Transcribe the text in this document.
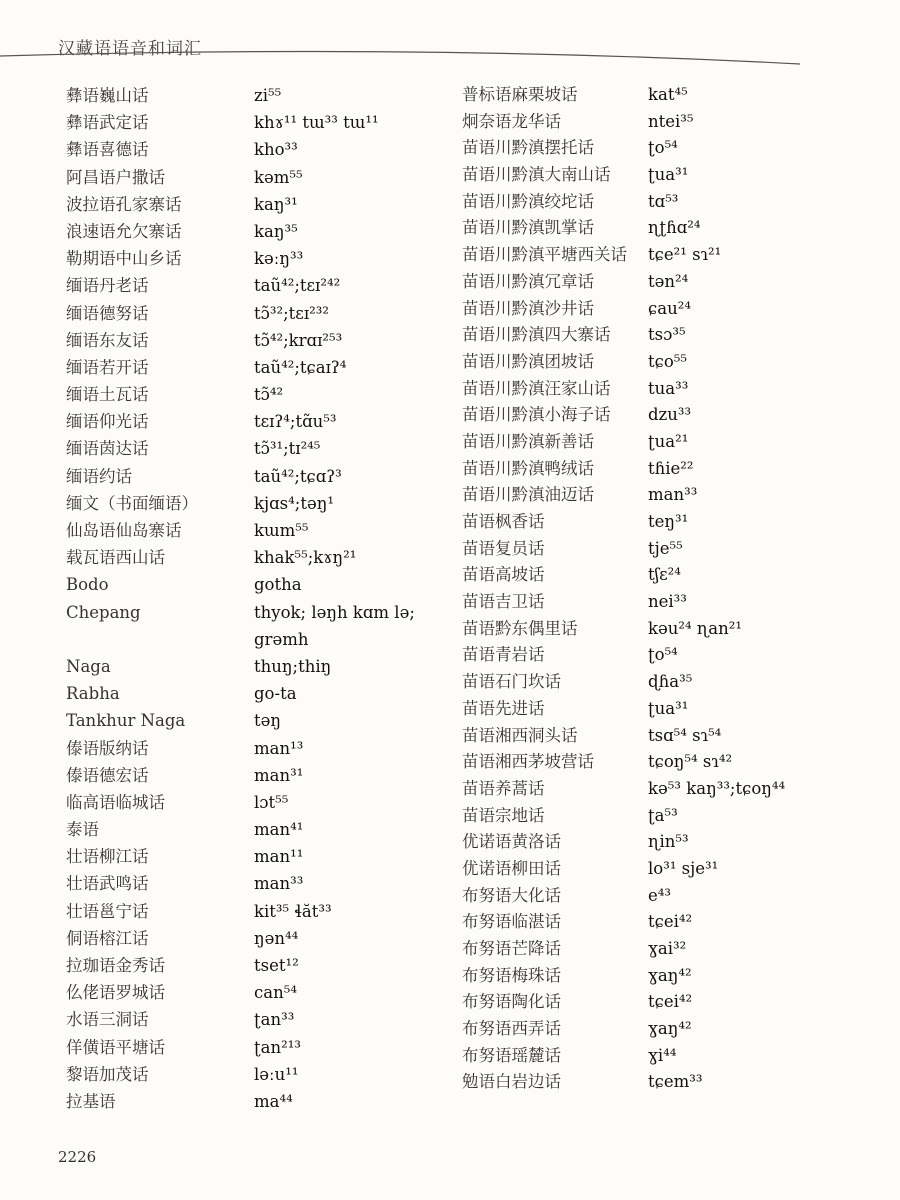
汉藏语语音和词汇
彝语巍山话	zi⁵⁵
彝语武定话	khɤ¹¹ tɯ³³ tɯ¹¹
彝语喜德话	kho³³
阿昌语户撒话	kəm⁵⁵
波拉语孔家寨话	kaŋ³¹
浪速语允欠寨话	kaŋ³⁵
勒期语中山乡话	kəːŋ³³
缅语丹老话	taũ⁴²;tɛɪ²⁴²
缅语德努话	tɔ̃³²;tɛɪ²³²
缅语东友话	tɔ̃⁴²;krɑɪ²⁵³
缅语若开话	taũ⁴²;tɕaɪʔ⁴
缅语土瓦话	tɔ̃⁴²
缅语仰光话	tɛɪʔ⁴;tɑ̃u⁵³
缅语茵达话	tɔ̃³¹;tɪ²⁴⁵
缅语约话	taũ⁴²;tɕɑʔ³
缅文（书面缅语）	kjɑs⁴;təŋ¹
仙岛语仙岛寨话	kɯm⁵⁵
载瓦语西山话	khak⁵⁵;kɤŋ²¹
Bodo	gotha
Chepang	thyok; ləŋh kɑm lə;
grəmh
Naga	thuŋ;thiŋ
Rabha	go-ta
Tankhur Naga	təŋ
傣语版纳话	man¹³
傣语德宏话	man³¹
临高语临城话	lɔt⁵⁵
泰语	man⁴¹
壮语柳江话	man¹¹
壮语武鸣话	man³³
壮语邕宁话	kit³⁵ ɬăt³³
侗语榕江话	ŋən⁴⁴
拉珈语金秀话	tset¹²
仫佬语罗城话	can⁵⁴
水语三洞话	ʈan³³
佯僙语平塘话	ʈan²¹³
黎语加茂话	ləːu¹¹
拉基语	ma⁴⁴
普标语麻栗坡话	kat⁴⁵
炯奈语龙华话	ntei³⁵
苗语川黔滇摆托话	ʈo⁵⁴
苗语川黔滇大南山话 ʈua³¹
苗语川黔滇绞坨话	tɑ⁵³
苗语川黔滇凯掌话	ɳʈɦɑ²⁴
苗语川黔滇平塘西关话 tɕe²¹ sɿ²¹
苗语川黔滇冗章话	tən²⁴
苗语川黔滇沙井话	ɕau²⁴
苗语川黔滇四大寨话 tsɔ³⁵
苗语川黔滇团坡话	tɕo⁵⁵
苗语川黔滇汪家山话 tua³³
苗语川黔滇小海子话 dzu³³
苗语川黔滇新善话	ʈua²¹
苗语川黔滇鸭绒话	tɦie²²
苗语川黔滇油迈话	man³³
苗语枫香话	teŋ³¹
苗语复员话	tje⁵⁵
苗语高坡话	tʃɛ²⁴
苗语吉卫话	nei³³
苗语黔东偶里话	kəu²⁴ ɳan²¹
苗语青岩话	ʈo⁵⁴
苗语石门坎话	ɖɦa³⁵
苗语先进话	ʈua³¹
苗语湘西洞头话	tsɑ⁵⁴ sɿ⁵⁴
苗语湘西茅坡营话	tɕoŋ⁵⁴ sɿ⁴²
苗语养蒿话	kə⁵³ kaŋ³³;tɕoŋ⁴⁴
苗语宗地话	ʈa⁵³
优诺语黄洛话	ɳin⁵³
优诺语柳田话	lo³¹ sje³¹
布努语大化话	e⁴³
布努语临湛话	tɕei⁴²
布努语芒降话	ɣai³²
布努语梅珠话	ɣaŋ⁴²
布努语陶化话	tɕei⁴²
布努语西弄话	ɣaŋ⁴²
布努语瑶麓话	ɣi⁴⁴
勉语白岩边话	tɕem³³
2226
